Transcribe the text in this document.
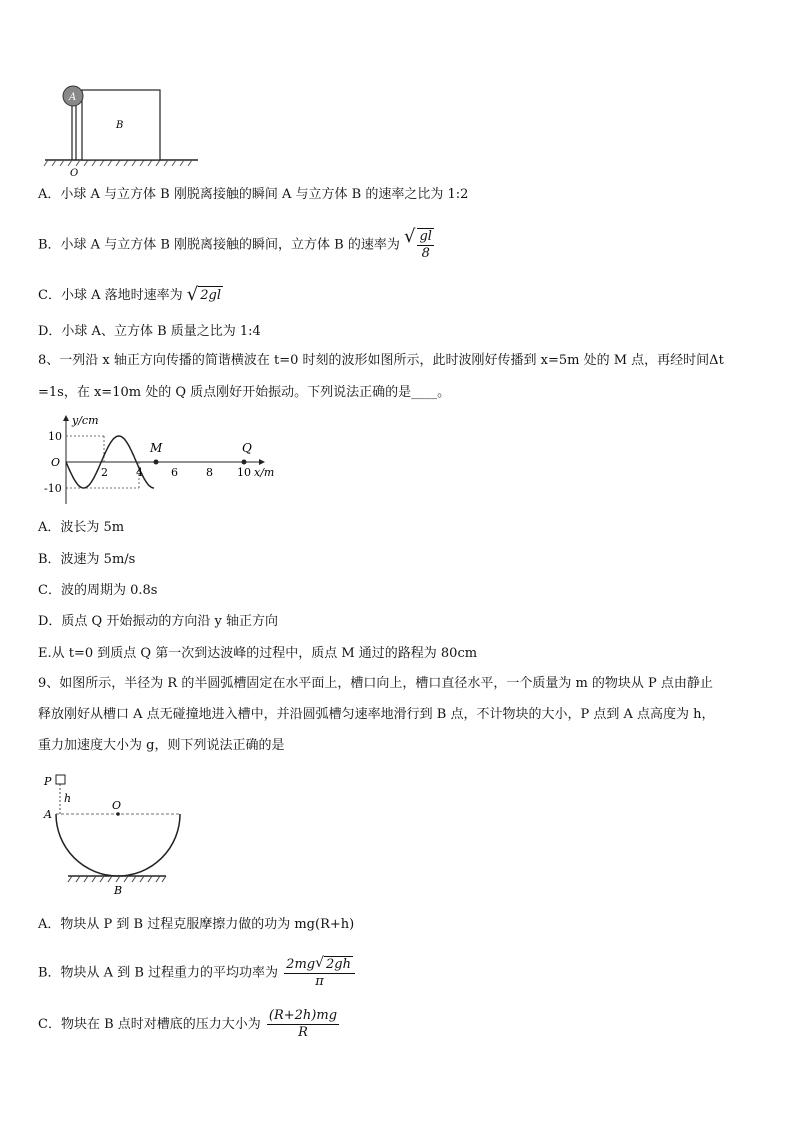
A
B
O
A．小球 A 与立方体 B 刚脱离接触的瞬间 A 与立方体 B 的速率之比为 1:2
B．小球 A 与立方体 B 刚脱离接触的瞬间，立方体 B 的速率为 √ $\frac{gl}{8}$
C．小球 A 落地时速率为 √ 2gl
D．小球 A、立方体 B 质量之比为 1:4
8、一列沿 x 轴正方向传播的简谐横波在 t=0 时刻的波形如图所示，此时波刚好传播到 x=5m 处的 M 点，再经时间Δt
=1s，在 x=10m 处的 Q 质点刚好开始振动。下列说法正确的是____。
y/cm
x/m
O
10
-10
2	4	6	8 10
M	Q
A．波长为 5m
B．波速为 5m/s
C．波的周期为 0.8s
D．质点 Q 开始振动的方向沿 y 轴正方向
E.从 t=0 到质点 Q 第一次到达波峰的过程中，质点 M 通过的路程为 80cm
9、如图所示，半径为 R 的半圆弧槽固定在水平面上，槽口向上，槽口直径水平，一个质量为 m 的物块从 P 点由静止
释放刚好从槽口 A 点无碰撞地进入槽中，并沿圆弧槽匀速率地滑行到 B 点，不计物块的大小，P 点到 A 点高度为 h，
重力加速度大小为 g，则下列说法正确的是
P
h
A
O
B
A．物块从 P 到 B 过程克服摩擦力做的功为 mg(R+h)
B．物块从 A 到 B 过程重力的平均功率为 $\frac{2mg √ 2gh}{\pi}$
C．物块在 B 点时对槽底的压力大小为 $\frac{(R+2h)mg}{R}$
